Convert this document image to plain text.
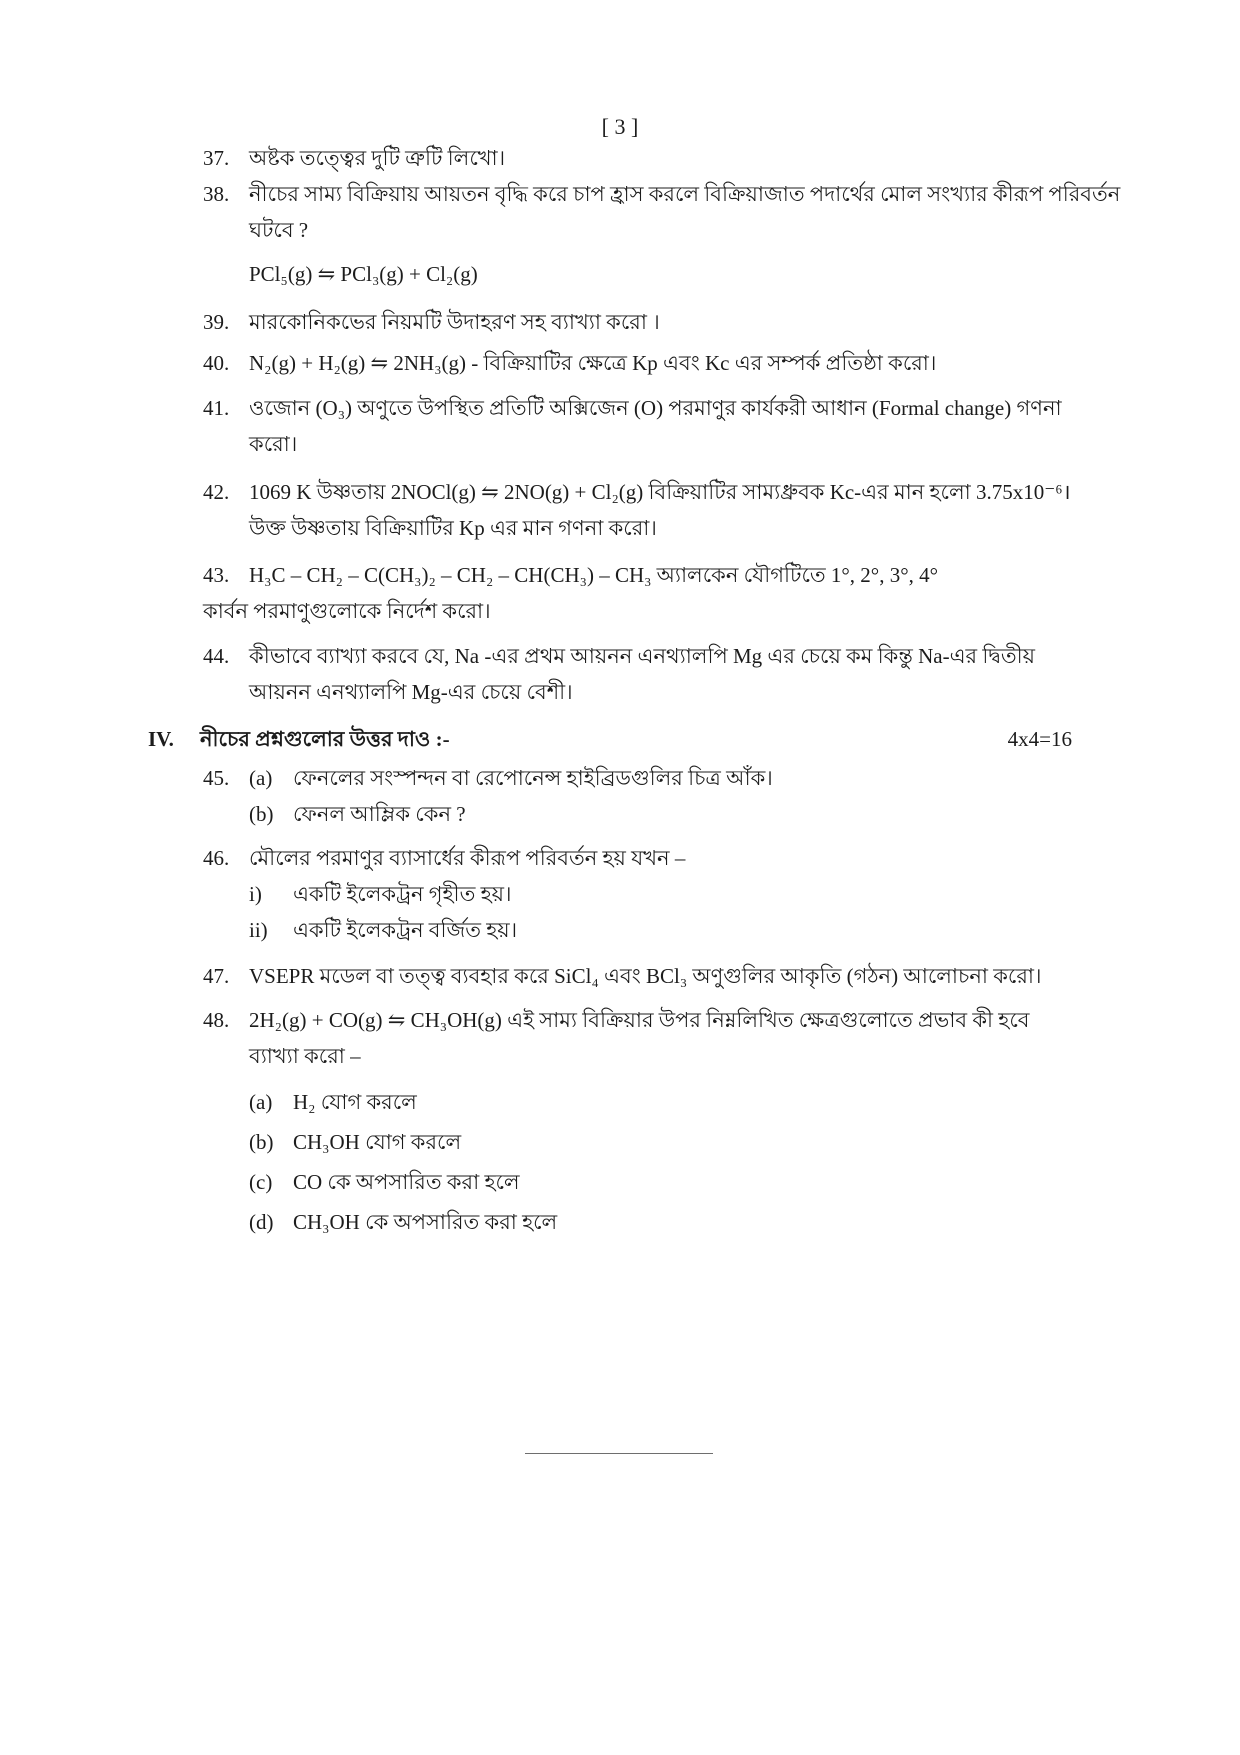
[ 3 ]
37. অষ্টক তত্ত্বের দুটি ত্রুটি লিখো।
38. নীচের সাম্য বিক্রিয়ায় আয়তন বৃদ্ধি করে চাপ হ্রাস করলে বিক্রিয়াজাত পদার্থের মোল সংখ্যার কীরূপ পরিবর্তন
ঘটবে ?
PCl₅(g) ⇋ PCl₃(g) + Cl₂(g)
39. মারকোনিকভের নিয়মটি উদাহরণ সহ ব্যাখ্যা করো ।
40. N₂(g) + H₂(g) ⇋ 2NH₃(g) - বিক্রিয়াটির ক্ষেত্রে Kp এবং Kc এর সম্পর্ক প্রতিষ্ঠা করো।
41. ওজোন (O₃) অণুতে উপস্থিত প্রতিটি অক্সিজেন (O) পরমাণুর কার্যকরী আধান (Formal change) গণনা
করো।
42. 1069 K উষ্ণতায় 2NOCl(g) ⇋ 2NO(g) + Cl₂(g) বিক্রিয়াটির সাম্যধ্রুবক Kc-এর মান হলো 3.75x10⁻⁶।
উক্ত উষ্ণতায় বিক্রিয়াটির Kp এর মান গণনা করো।
43. H₃C – CH₂ – C(CH₃)₂ – CH₂ – CH(CH₃) – CH₃ অ্যালকেন যৌগটিতে 1°, 2°, 3°, 4°
কার্বন পরমাণুগুলোকে নির্দেশ করো।
44. কীভাবে ব্যাখ্যা করবে যে, Na -এর প্রথম আয়নন এনথ্যালপি Mg এর চেয়ে কম কিন্তু Na-এর দ্বিতীয়
আয়নন এনথ্যালপি Mg-এর চেয়ে বেশী।
IV. নীচের প্রশ্নগুলোর উত্তর দাও :-	4x4=16
45. (a) ফেনলের সংস্পন্দন বা রেপোনেন্স হাইব্রিডগুলির চিত্র আঁক।
(b) ফেনল আম্লিক কেন ?
46. মৌলের পরমাণুর ব্যাসার্ধের কীরূপ পরিবর্তন হয় যখন –
i) একটি ইলেকট্রন গৃহীত হয়।
ii) একটি ইলেকট্রন বর্জিত হয়।
47. VSEPR মডেল বা তত্ত্ব ব্যবহার করে SiCl₄ এবং BCl₃ অণুগুলির আকৃতি (গঠন) আলোচনা করো।
48. 2H₂(g) + CO(g) ⇋ CH₃OH(g) এই সাম্য বিক্রিয়ার উপর নিম্নলিখিত ক্ষেত্রগুলোতে প্রভাব কী হবে
ব্যাখ্যা করো –
(a) H₂ যোগ করলে
(b) CH₃OH যোগ করলে
(c) CO কে অপসারিত করা হলে
(d) CH₃OH কে অপসারিত করা হলে
